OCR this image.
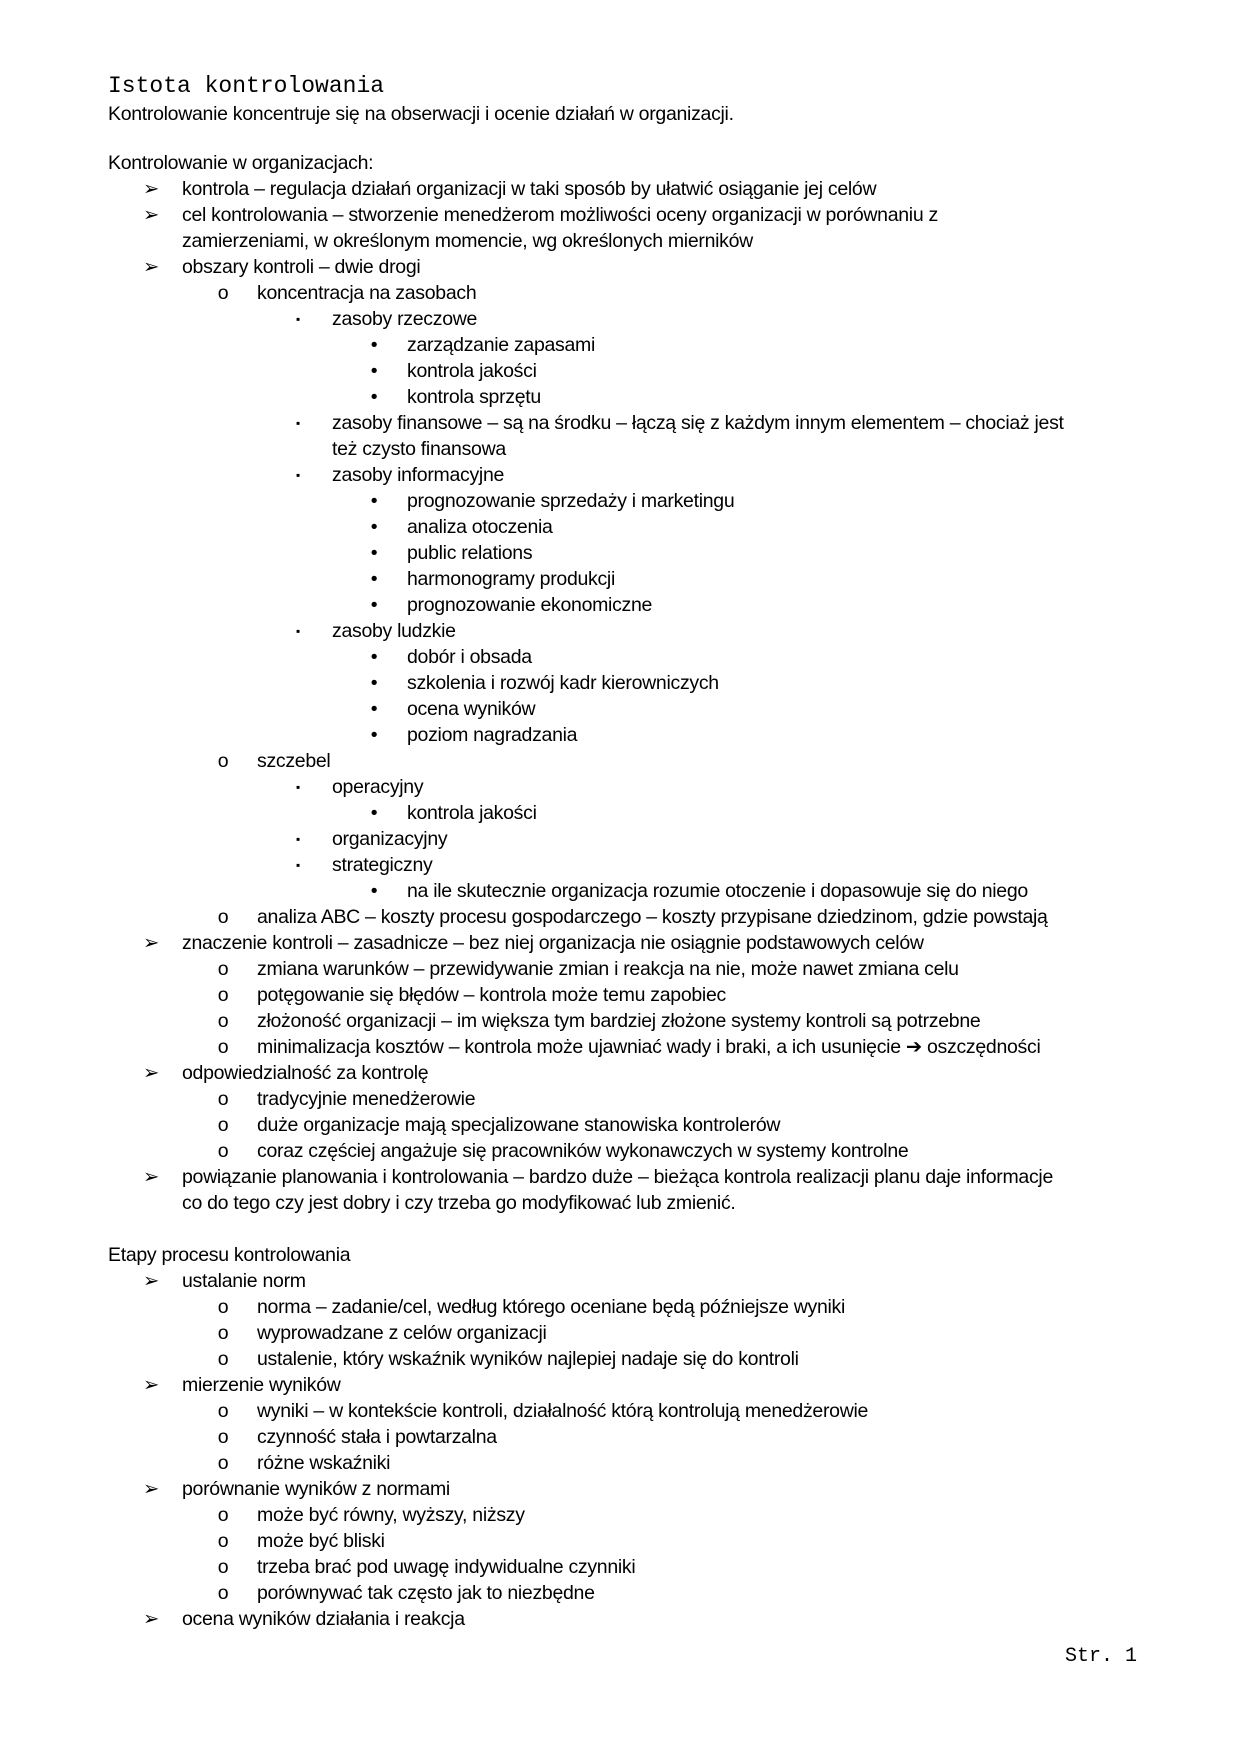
Istota kontrolowania
Kontrolowanie koncentruje się na obserwacji i ocenie działań w organizacji.
Kontrolowanie w organizacjach:
➢ kontrola – regulacja działań organizacji w taki sposób by ułatwić osiąganie jej celów
➢ cel kontrolowania – stworzenie menedżerom możliwości oceny organizacji w porównaniu z
zamierzeniami, w określonym momencie, wg określonych mierników
➢ obszary kontroli – dwie drogi
o koncentracja na zasobach
▪	zasoby rzeczowe
•	zarządzanie zapasami
•	kontrola jakości
•	kontrola sprzętu
▪	zasoby finansowe – są na środku – łączą się z każdym innym elementem – chociaż jest
też czysto finansowa
▪	zasoby informacyjne
•	prognozowanie sprzedaży i marketingu
•	analiza otoczenia
•	public relations
•	harmonogramy produkcji
•	prognozowanie ekonomiczne
▪	zasoby ludzkie
•	dobór i obsada
•	szkolenia i rozwój kadr kierowniczych
•	ocena wyników
•	poziom nagradzania
o szczebel
▪	operacyjny
•	kontrola jakości
▪	organizacyjny
▪	strategiczny
•	na ile skutecznie organizacja rozumie otoczenie i dopasowuje się do niego
o analiza ABC – koszty procesu gospodarczego – koszty przypisane dziedzinom, gdzie powstają
➢ znaczenie kontroli – zasadnicze – bez niej organizacja nie osiągnie podstawowych celów
o zmiana warunków – przewidywanie zmian i reakcja na nie, może nawet zmiana celu
o potęgowanie się błędów – kontrola może temu zapobiec
o złożoność organizacji – im większa tym bardziej złożone systemy kontroli są potrzebne
o minimalizacja kosztów – kontrola może ujawniać wady i braki, a ich usunięcie ➔ oszczędności
➢ odpowiedzialność za kontrolę
o tradycyjnie menedżerowie
o duże organizacje mają specjalizowane stanowiska kontrolerów
o coraz częściej angażuje się pracowników wykonawczych w systemy kontrolne
➢ powiązanie planowania i kontrolowania – bardzo duże – bieżąca kontrola realizacji planu daje informacje
co do tego czy jest dobry i czy trzeba go modyfikować lub zmienić.
Etapy procesu kontrolowania
➢ ustalanie norm
o norma – zadanie/cel, według którego oceniane będą późniejsze wyniki
o wyprowadzane z celów organizacji
o ustalenie, który wskaźnik wyników najlepiej nadaje się do kontroli
➢ mierzenie wyników
o wyniki – w kontekście kontroli, działalność którą kontrolują menedżerowie
o czynność stała i powtarzalna
o różne wskaźniki
➢ porównanie wyników z normami
o może być równy, wyższy, niższy
o może być bliski
o trzeba brać pod uwagę indywidualne czynniki
o porównywać tak często jak to niezbędne
➢ ocena wyników działania i reakcja
Str. 1
